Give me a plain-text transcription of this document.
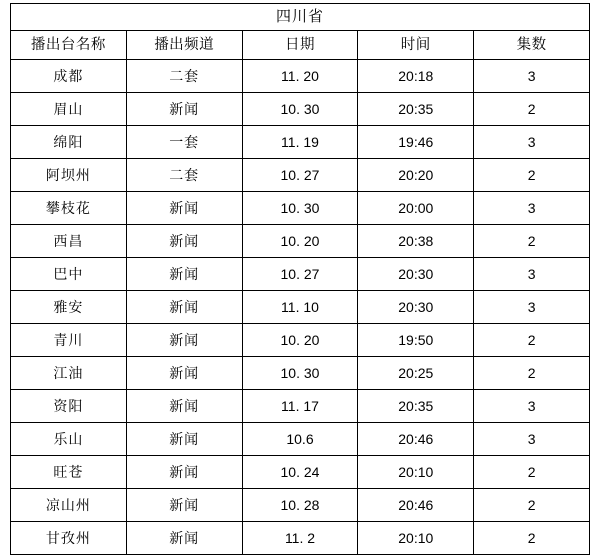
四川省				
播出台名称	播出频道	日期	时间	集数
成都	二套	11. 20	20:18	3
眉山	新闻	10. 30	20:35	2
绵阳	一套	11. 19	19:46	3
阿坝州	二套	10. 27	20:20	2
攀枝花	新闻	10. 30	20:00	3
西昌	新闻	10. 20	20:38	2
巴中	新闻	10. 27	20:30	3
雅安	新闻	11. 10	20:30	3
青川	新闻	10. 20	19:50	2
江油	新闻	10. 30	20:25	2
资阳	新闻	11. 17	20:35	3
乐山	新闻	10.6	20:46	3
旺苍	新闻	10. 24	20:10	2
凉山州	新闻	10. 28	20:46	2
甘孜州	新闻	11. 2	20:10	2
